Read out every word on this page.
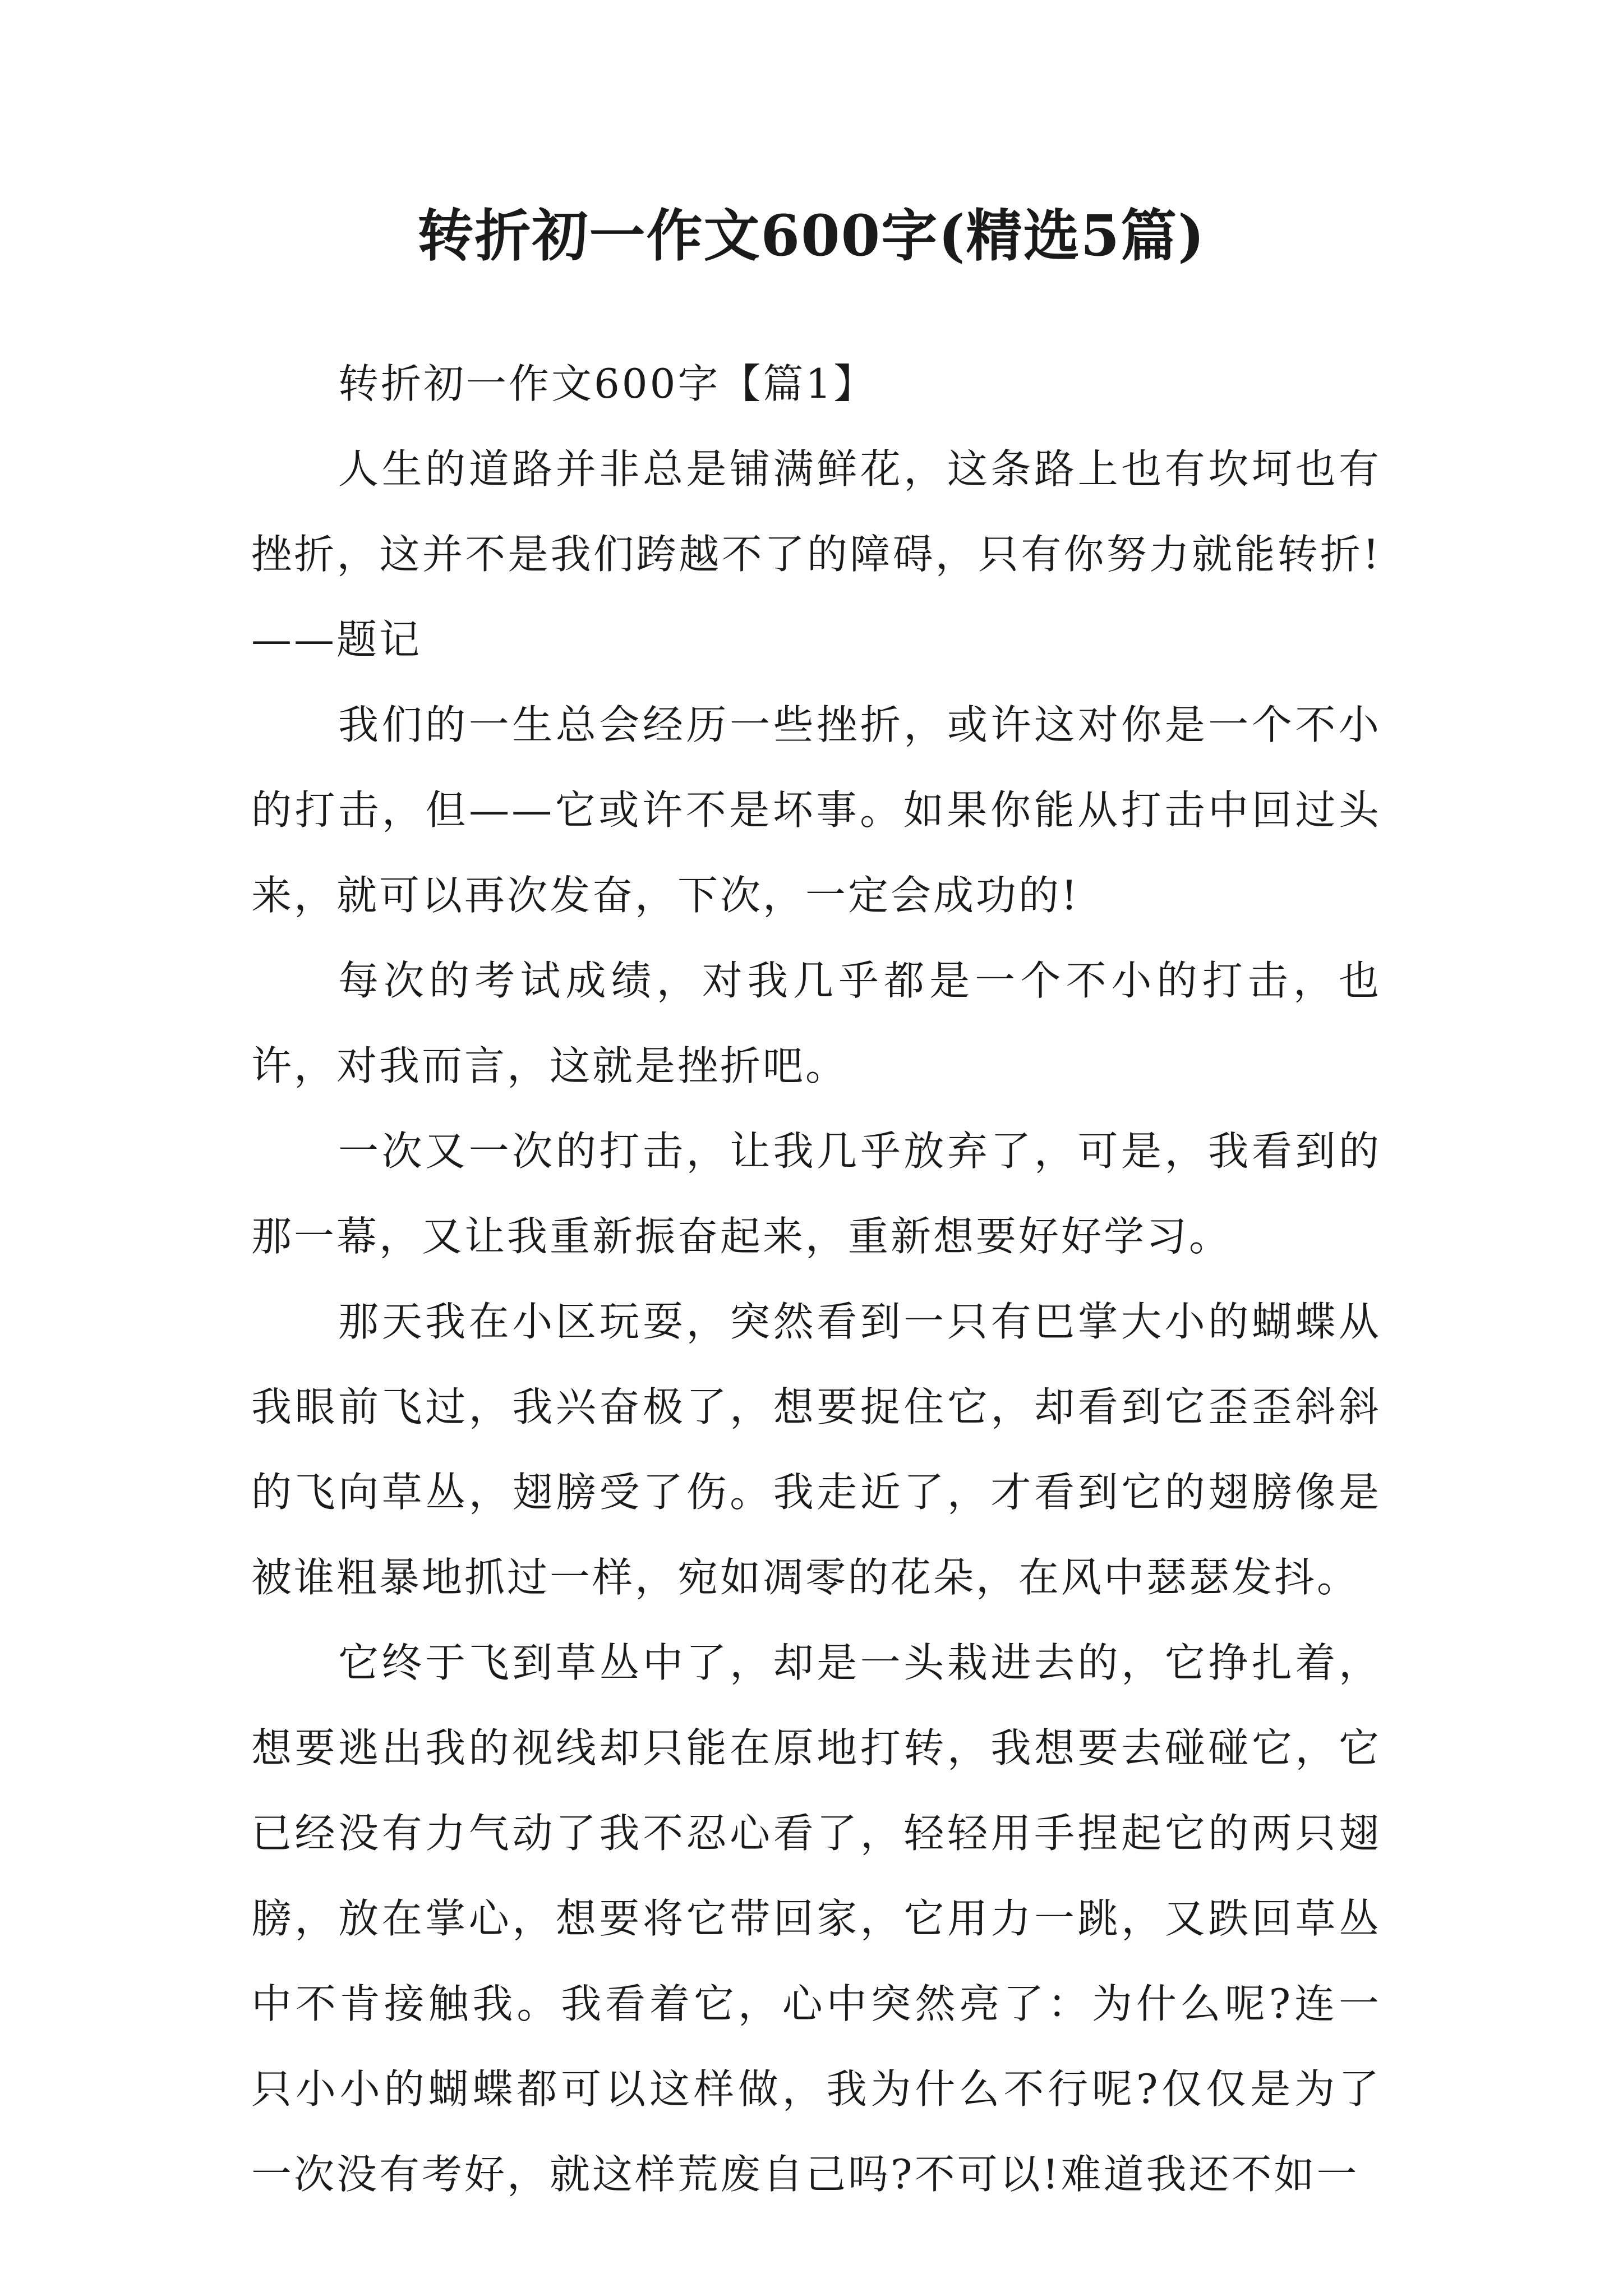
转折初一作文600字(精选5篇)

转折初一作文600字【篇1】

人生的道路并非总是铺满鲜花，这条路上也有坎坷也有挫折，这并不是我们跨越不了的障碍，只有你努力就能转折!——题记

我们的一生总会经历一些挫折，或许这对你是一个不小的打击，但——它或许不是坏事。如果你能从打击中回过头来，就可以再次发奋，下次，一定会成功的!

每次的考试成绩，对我几乎都是一个不小的打击，也许，对我而言，这就是挫折吧。

一次又一次的打击，让我几乎放弃了，可是，我看到的那一幕，又让我重新振奋起来，重新想要好好学习。

那天我在小区玩耍，突然看到一只有巴掌大小的蝴蝶从我眼前飞过，我兴奋极了，想要捉住它，却看到它歪歪斜斜的飞向草丛，翅膀受了伤。我走近了，才看到它的翅膀像是被谁粗暴地抓过一样，宛如凋零的花朵，在风中瑟瑟发抖。

它终于飞到草丛中了，却是一头栽进去的，它挣扎着，想要逃出我的视线却只能在原地打转，我想要去碰碰它，它已经没有力气动了我不忍心看了，轻轻用手捏起它的两只翅膀，放在掌心，想要将它带回家，它用力一跳，又跌回草丛中不肯接触我。我看着它，心中突然亮了：为什么呢?连一只小小的蝴蝶都可以这样做，我为什么不行呢?仅仅是为了一次没有考好，就这样荒废自己吗?不可以!难道我还不如一
